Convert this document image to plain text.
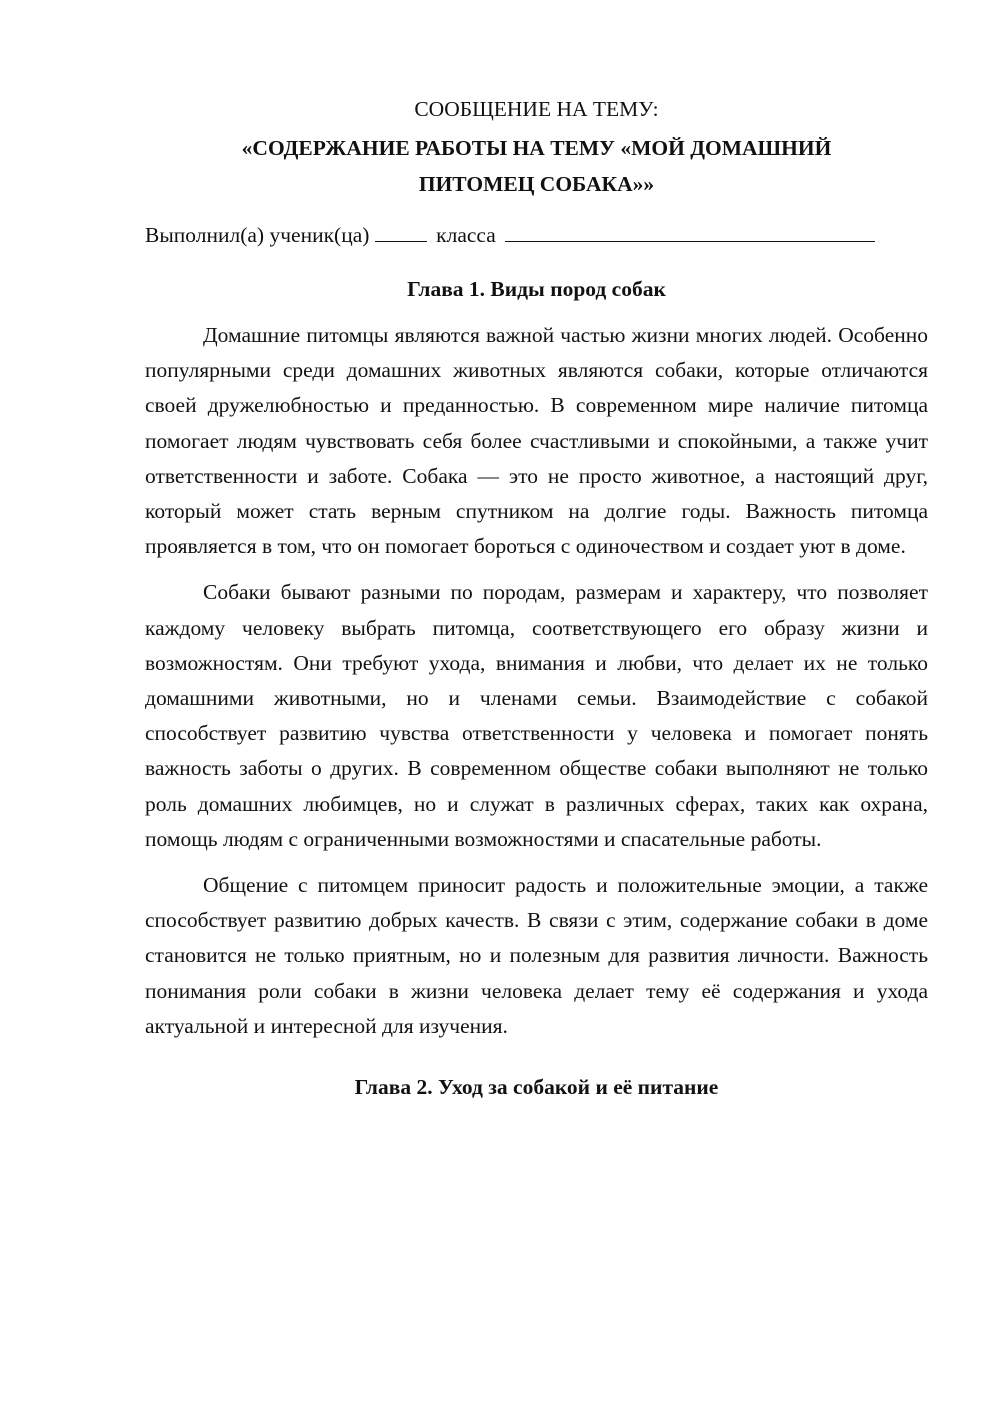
СООБЩЕНИЕ НА ТЕМУ:

«СОДЕРЖАНИЕ РАБОТЫ НА ТЕМУ «МОЙ ДОМАШНИЙ
ПИТОМЕЦ СОБАКА»»

Выполнил(а) ученик(ца)	класса

Глава 1. Виды пород собак

Домашние питомцы являются важной частью жизни многих людей. Особенно популярными среди домашних животных являются собаки, которые отличаются своей дружелюбностью и преданностью. В современном мире наличие питомца помогает людям чувствовать себя более счастливыми и спокойными, а также учит ответственности и заботе. Собака — это не просто животное, а настоящий друг, который может стать верным спутником на долгие годы. Важность питомца проявляется в том, что он помогает бороться с одиночеством и создает уют в доме.

Собаки бывают разными по породам, размерам и характеру, что позволяет каждому человеку выбрать питомца, соответствующего его образу жизни и возможностям. Они требуют ухода, внимания и любви, что делает их не только домашними животными, но и членами семьи. Взаимодействие с собакой способствует развитию чувства ответственности у человека и помогает понять важность заботы о других. В современном обществе собаки выполняют не только роль домашних любимцев, но и служат в различных сферах, таких как охрана, помощь людям с ограниченными возможностями и спасательные работы.

Общение с питомцем приносит радость и положительные эмоции, а также способствует развитию добрых качеств. В связи с этим, содержание собаки в доме становится не только приятным, но и полезным для развития личности. Важность понимания роли собаки в жизни человека делает тему её содержания и ухода актуальной и интересной для изучения.

Глава 2. Уход за собакой и её питание
